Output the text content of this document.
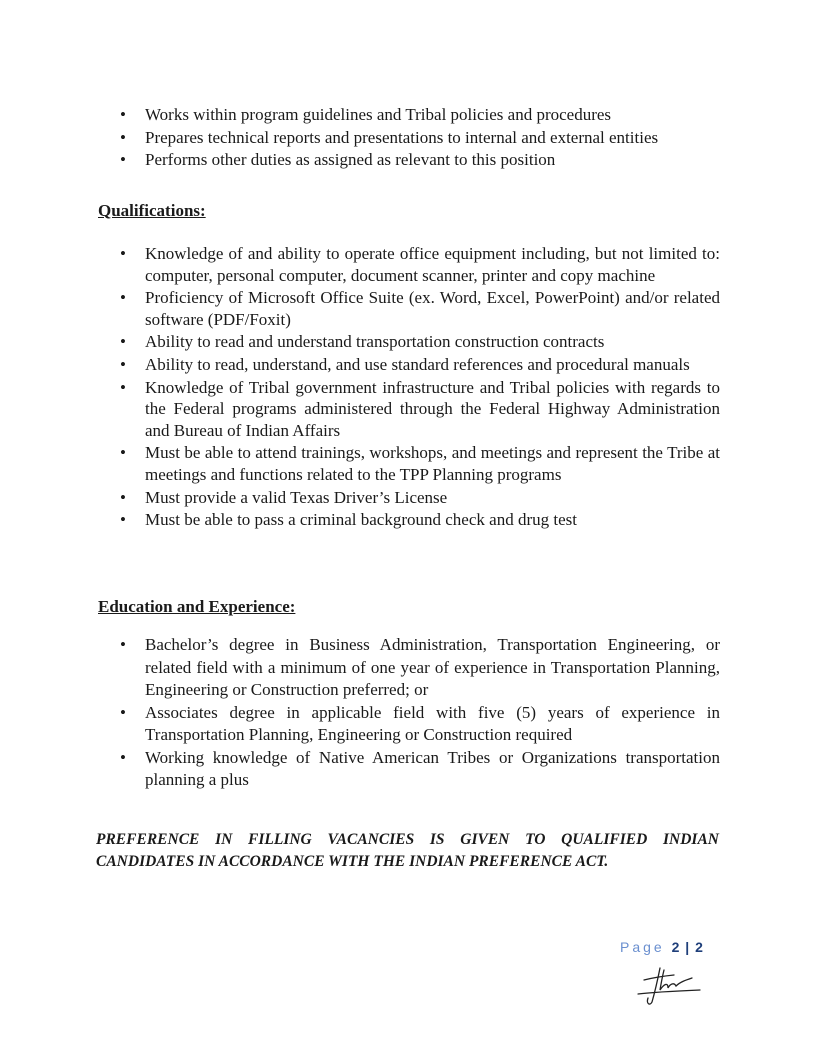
• Works within program guidelines and Tribal policies and procedures
• Prepares technical reports and presentations to internal and external entities
• Performs other duties as assigned as relevant to this position
Qualifications:
• Knowledge of and ability to operate office equipment including, but not limited to: computer, personal computer, document scanner, printer and copy machine
• Proficiency of Microsoft Office Suite (ex. Word, Excel, PowerPoint) and/or related software (PDF/Foxit)
• Ability to read and understand transportation construction contracts
• Ability to read, understand, and use standard references and procedural manuals
• Knowledge of Tribal government infrastructure and Tribal policies with regards to the Federal programs administered through the Federal Highway Administration and Bureau of Indian Affairs
• Must be able to attend trainings, workshops, and meetings and represent the Tribe at meetings and functions related to the TPP Planning programs
• Must provide a valid Texas Driver’s License
• Must be able to pass a criminal background check and drug test
Education and Experience:
• Bachelor’s degree in Business Administration, Transportation Engineering, or related field with a minimum of one year of experience in Transportation Planning, Engineering or Construction preferred; or
• Associates degree in applicable field with five (5) years of experience in Transportation Planning, Engineering or Construction required
• Working knowledge of Native American Tribes or Organizations transportation planning a plus
PREFERENCE IN FILLING VACANCIES IS GIVEN TO QUALIFIED INDIAN
CANDIDATES IN ACCORDANCE WITH THE INDIAN PREFERENCE ACT.
Page 2 | 2
